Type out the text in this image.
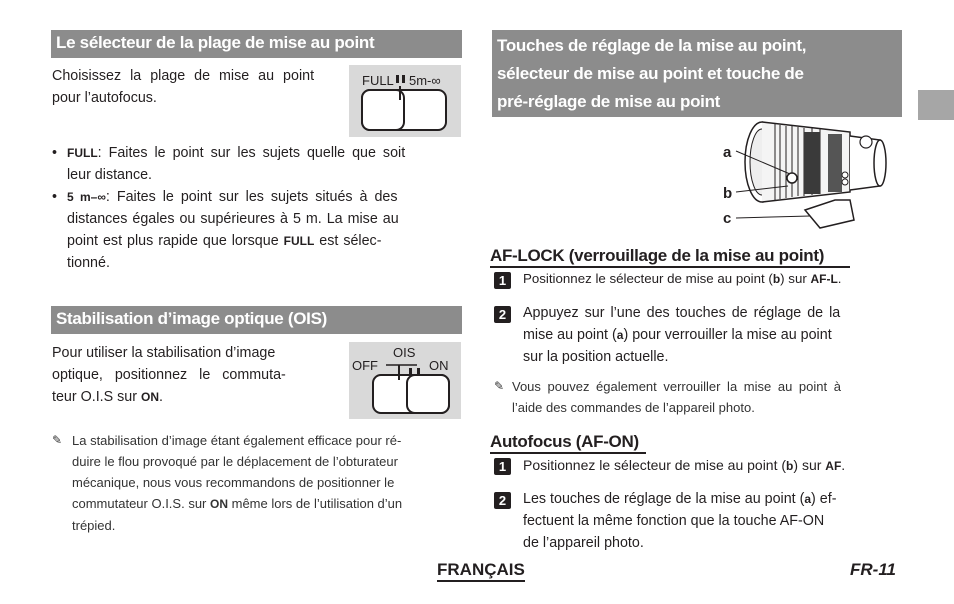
Le sélecteur de la plage de mise au point
Choisissez la plage de mise au point
pour l’autofocus.
FULL 5m-∞
• FULL: Faites le point sur les sujets quelle que soit
leur distance.
• 5 m–∞: Faites le point sur les sujets situés à des
distances égales ou supérieures à 5 m. La mise au
point est plus rapide que lorsque FULL est sélec-
tionné.
Stabilisation d’image optique (OIS)
Pour utiliser la stabilisation d’image
optique, positionnez le commuta-
teur O.I.S sur ON.
OIS
OFF	ON
✎ La stabilisation d’image étant également efficace pour ré-
duire le flou provoqué par le déplacement de l’obturateur
mécanique, nous vous recommandons de positionner le
commutateur O.I.S. sur ON même lors de l’utilisation d’un
trépied.
Touches de réglage de la mise au point,
sélecteur de mise au point et touche de
pré-réglage de mise au point
a
b
c
AF-LOCK (verrouillage de la mise au point)
1	Positionnez le sélecteur de mise au point (b) sur AF-L.
2	Appuyez sur l’une des touches de réglage de la
mise au point (a) pour verrouiller la mise au point
sur la position actuelle.
✎ Vous pouvez également verrouiller la mise au point à
l’aide des commandes de l’appareil photo.
Autofocus (AF-ON)
1	Positionnez le sélecteur de mise au point (b) sur AF.
2	Les touches de réglage de la mise au point (a) ef-
fectuent la même fonction que la touche AF-ON
de l’appareil photo.
FRANÇAIS	FR-11
